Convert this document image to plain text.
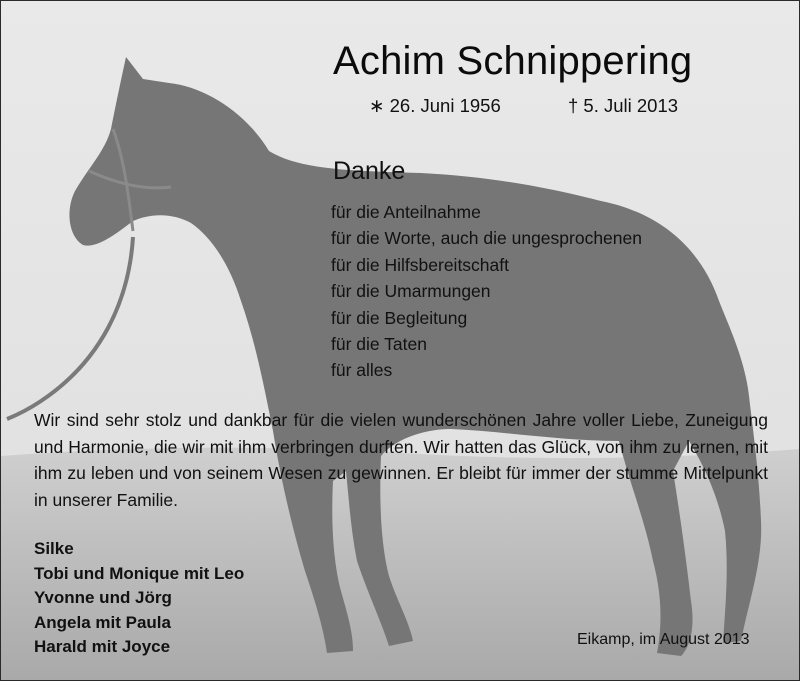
Achim Schnippering
∗ 26. Juni 1956	† 5. Juli 2013
Danke
für die Anteilnahme
für die Worte, auch die ungesprochenen
für die Hilfsbereitschaft
für die Umarmungen
für die Begleitung
für die Taten
für alles

Wir sind sehr stolz und dankbar für die vielen wunderschönen Jahre voller Liebe, Zuneigung und Harmonie, die wir mit ihm verbringen durften. Wir hatten das Glück, von ihm zu lernen, mit ihm zu leben und von seinem Wesen zu gewinnen. Er bleibt für immer der stumme Mittelpunkt in unserer Familie.

Silke
Tobi und Monique mit Leo
Yvonne und Jörg
Angela mit Paula
Harald mit Joyce	Eikamp, im August 2013
